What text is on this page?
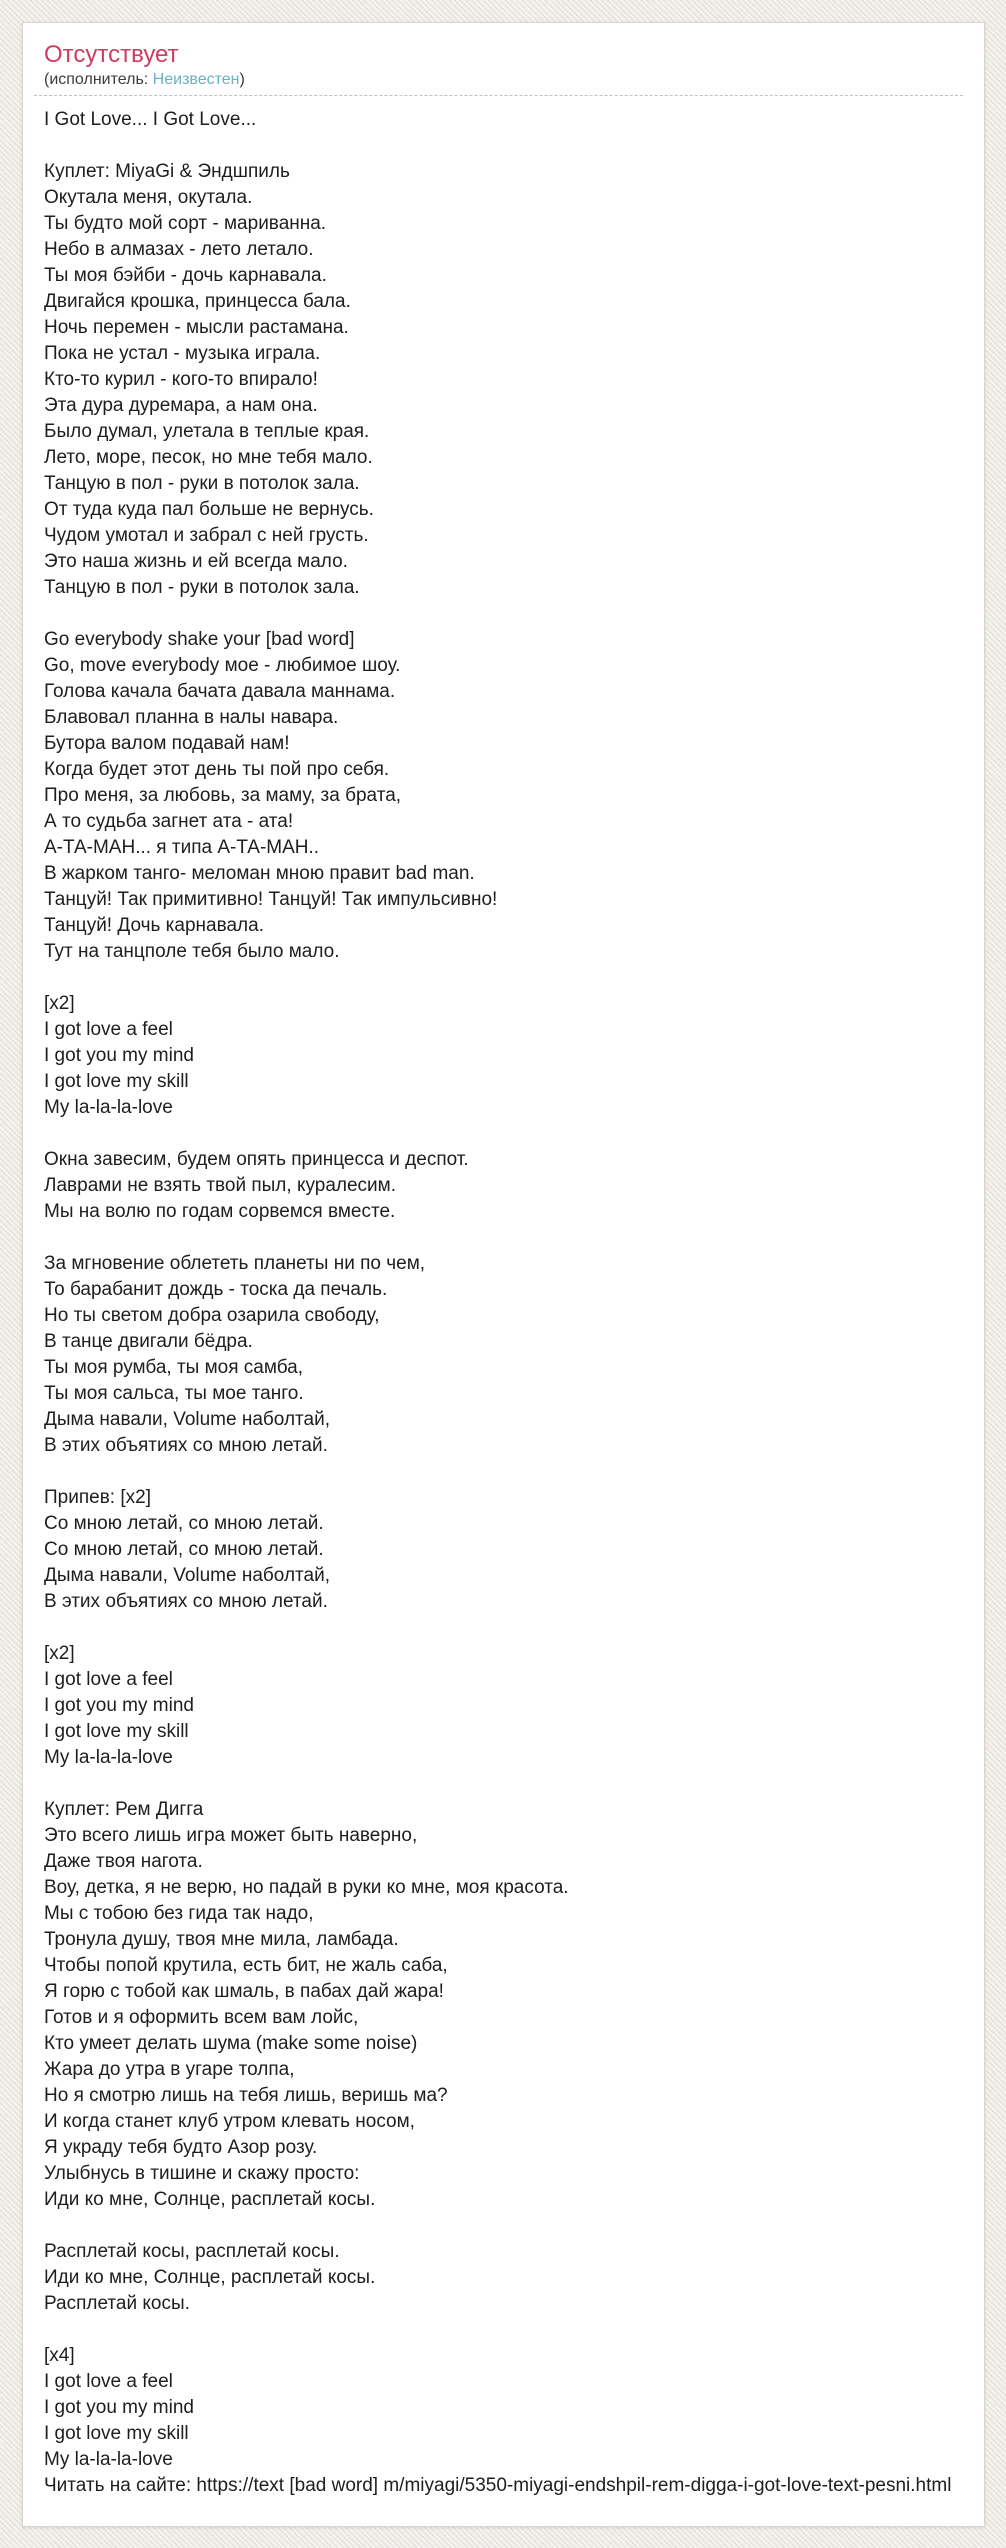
Отсутствует
(исполнитель: Неизвестен)
I Got Love... I Got Love...
Куплет: MiyaGi & Эндшпиль
Окутала меня, окутала.
Ты будто мой сорт - мариванна.
Небо в алмазах - лето летало.
Ты моя бэйби - дочь карнавала.
Двигайся крошка, принцесса бала.
Ночь перемен - мысли растамана.
Пока не устал - музыка играла.
Кто-то курил - кого-то впирало!
Эта дура дуремара, а нам она.
Было думал, улетала в теплые края.
Лето, море, песок, но мне тебя мало.
Танцую в пол - руки в потолок зала.
От туда куда пал больше не вернусь.
Чудом умотал и забрал с ней грусть.
Это наша жизнь и ей всегда мало.
Танцую в пол - руки в потолок зала.
Go everybody shake your [bad word]
Go, move everybody мое - любимое шоу.
Голова качала бачата давала маннама.
Блавовал планна в налы навара.
Бутора валом подавай нам!
Когда будет этот день ты пой про себя.
Про меня, за любовь, за маму, за брата,
А то судьба загнет ата - ата!
А-ТА-МАН... я типа А-ТА-МАН..
В жарком танго- меломан мною правит bad man.
Танцуй! Так примитивно! Танцуй! Так импульсивно!
Танцуй! Дочь карнавала.
Тут на танцполе тебя было мало.
[x2]
I got love a feel
I got you my mind
I got love my skill
My la-la-la-love
Окна завесим, будем опять принцесса и деспот.
Лаврами не взять твой пыл, куралесим.
Мы на волю по годам сорвемся вместе.
За мгновение облететь планеты ни по чем,
То барабанит дождь - тоска да печаль.
Но ты светом добра озарила свободу,
В танце двигали бёдра.
Ты моя румба, ты моя самба,
Ты моя сальса, ты мое танго.
Дыма навали, Volume наболтай,
В этих объятиях со мною летай.
Припев: [x2]
Со мною летай, со мною летай.
Со мною летай, со мною летай.
Дыма навали, Volume наболтай,
В этих объятиях со мною летай.
[x2]
I got love a feel
I got you my mind
I got love my skill
My la-la-la-love
Куплет: Рем Дигга
Это всего лишь игра может быть наверно,
Даже твоя нагота.
Воу, детка, я не верю, но падай в руки ко мне, моя красота.
Мы с тобою без гида так надо,
Тронула душу, твоя мне мила, ламбада.
Чтобы попой крутила, есть бит, не жаль саба,
Я горю с тобой как шмаль, в пабах дай жара!
Готов и я оформить всем вам лойс,
Кто умеет делать шума (make some noise)
Жара до утра в угаре толпа,
Но я смотрю лишь на тебя лишь, веришь ма?
И когда станет клуб утром клевать носом,
Я украду тебя будто Азор розу.
Улыбнусь в тишине и скажу просто:
Иди ко мне, Солнце, расплетай косы.
Расплетай косы, расплетай косы.
Иди ко мне, Солнце, расплетай косы.
Расплетай косы.
[x4]
I got love a feel
I got you my mind
I got love my skill
My la-la-la-love
Читать на сайте: https://text [bad word] m/miyagi/5350-miyagi-endshpil-rem-digga-i-got-love-text-pesni.html
